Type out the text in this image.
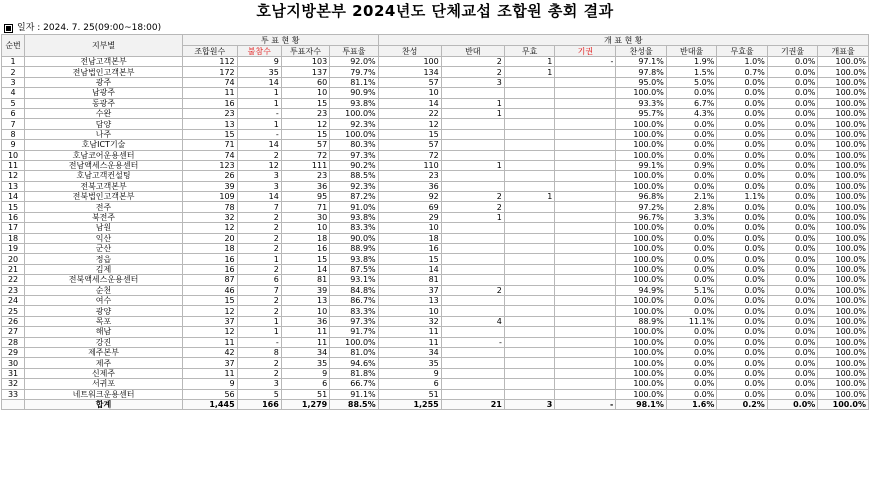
호남지방본부 2024년도 단체교섭 조합원 총회 결과
일자 : 2024. 7. 25(09:00~18:00)
순번	지부별	투 표 현 황				개 표 현 황								
		조합원수	불참수	투표자수	투표율	찬성	반대	무효	기권	찬성율	반대율	무효율	기권율	개표율
1	전남고객본부	112	9	103	92.0%	100	2	1	-	97.1%	1.9%	1.0%	0.0%	100.0%
2	전남법인고객본부	172	35	137	79.7%	134	2	1		97.8%	1.5%	0.7%	0.0%	100.0%
3	광주	74	14	60	81.1%	57	3			95.0%	5.0%	0.0%	0.0%	100.0%
4	남광주	11	1	10	90.9%	10				100.0%	0.0%	0.0%	0.0%	100.0%
5	동광주	16	1	15	93.8%	14	1			93.3%	6.7%	0.0%	0.0%	100.0%
6	수완	23	-	23	100.0%	22	1			95.7%	4.3%	0.0%	0.0%	100.0%
7	담양	13	1	12	92.3%	12				100.0%	0.0%	0.0%	0.0%	100.0%
8	나주	15	-	15	100.0%	15				100.0%	0.0%	0.0%	0.0%	100.0%
9	호남ICT기술	71	14	57	80.3%	57				100.0%	0.0%	0.0%	0.0%	100.0%
10	호남코어운용센터	74	2	72	97.3%	72				100.0%	0.0%	0.0%	0.0%	100.0%
11	전남액세스운용센터	123	12	111	90.2%	110	1			99.1%	0.9%	0.0%	0.0%	100.0%
12	호남고객컨설팅	26	3	23	88.5%	23				100.0%	0.0%	0.0%	0.0%	100.0%
13	전북고객본부	39	3	36	92.3%	36				100.0%	0.0%	0.0%	0.0%	100.0%
14	전북법인고객본부	109	14	95	87.2%	92	2	1		96.8%	2.1%	1.1%	0.0%	100.0%
15	전주	78	7	71	91.0%	69	2			97.2%	2.8%	0.0%	0.0%	100.0%
16	북전주	32	2	30	93.8%	29	1			96.7%	3.3%	0.0%	0.0%	100.0%
17	남원	12	2	10	83.3%	10				100.0%	0.0%	0.0%	0.0%	100.0%
18	익산	20	2	18	90.0%	18				100.0%	0.0%	0.0%	0.0%	100.0%
19	군산	18	2	16	88.9%	16				100.0%	0.0%	0.0%	0.0%	100.0%
20	정읍	16	1	15	93.8%	15				100.0%	0.0%	0.0%	0.0%	100.0%
21	김제	16	2	14	87.5%	14				100.0%	0.0%	0.0%	0.0%	100.0%
22	전북액세스운용센터	87	6	81	93.1%	81				100.0%	0.0%	0.0%	0.0%	100.0%
23	순천	46	7	39	84.8%	37	2			94.9%	5.1%	0.0%	0.0%	100.0%
24	여수	15	2	13	86.7%	13				100.0%	0.0%	0.0%	0.0%	100.0%
25	광양	12	2	10	83.3%	10				100.0%	0.0%	0.0%	0.0%	100.0%
26	목포	37	1	36	97.3%	32	4			88.9%	11.1%	0.0%	0.0%	100.0%
27	해남	12	1	11	91.7%	11				100.0%	0.0%	0.0%	0.0%	100.0%
28	강진	11	-	11	100.0%	11	-			100.0%	0.0%	0.0%	0.0%	100.0%
29	제주본부	42	8	34	81.0%	34				100.0%	0.0%	0.0%	0.0%	100.0%
30	제주	37	2	35	94.6%	35				100.0%	0.0%	0.0%	0.0%	100.0%
31	신제주	11	2	9	81.8%	9				100.0%	0.0%	0.0%	0.0%	100.0%
32	서귀포	9	3	6	66.7%	6				100.0%	0.0%	0.0%	0.0%	100.0%
33	네트워크운용센터	56	5	51	91.1%	51				100.0%	0.0%	0.0%	0.0%	100.0%
	합계	1,445	166	1,279	88.5%	1,255	21	3	-	98.1%	1.6%	0.2%	0.0%	100.0%
